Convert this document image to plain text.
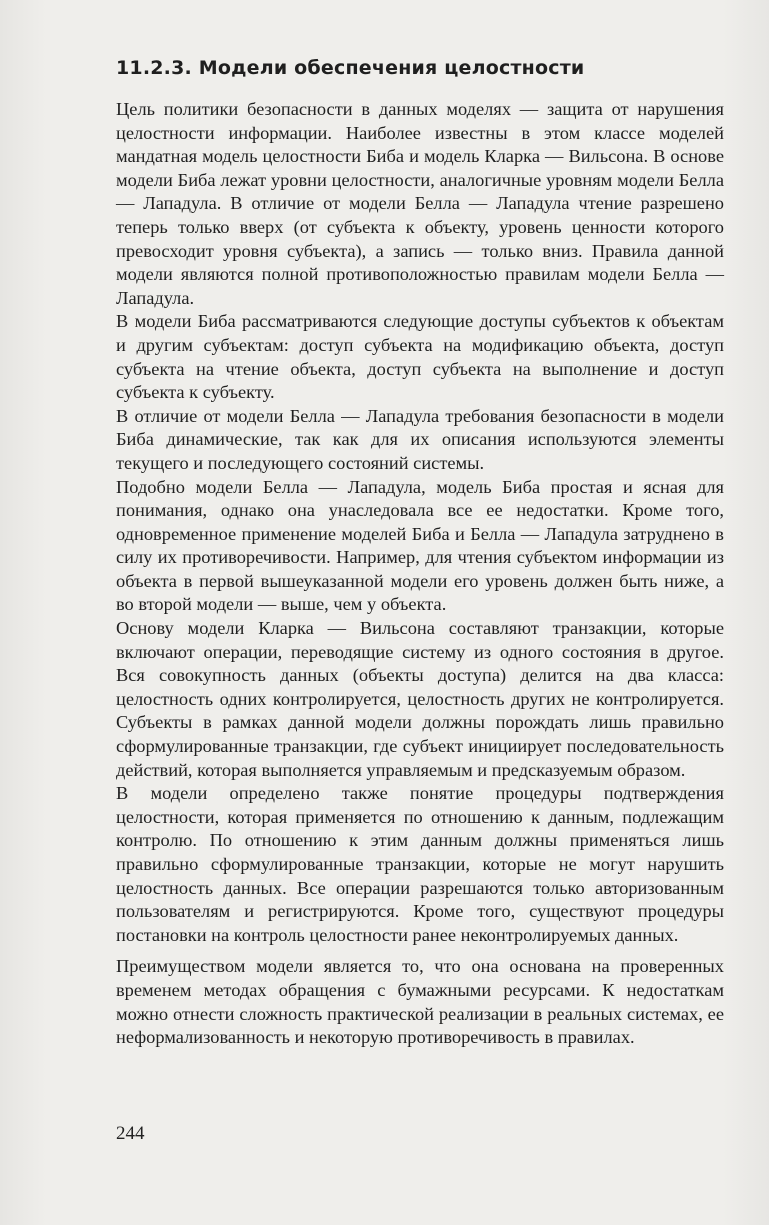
11.2.3. Модели обеспечения целостности

Цель политики безопасности в данных моделях — защита от нарушения целостности информации. Наиболее известны в этом классе моделей мандатная модель целостности Биба и модель Кларка — Вильсона. В основе модели Биба лежат уровни целостности, аналогичные уровням модели Белла — Лападула. В отличие от модели Белла — Лападула чтение разрешено теперь только вверх (от субъекта к объекту, уровень ценности которого превосходит уровня субъекта), а запись — только вниз. Правила данной модели являются полной противоположностью правилам модели Белла — Лападула.

В модели Биба рассматриваются следующие доступы субъектов к объектам и другим субъектам: доступ субъекта на модификацию объекта, доступ субъекта на чтение объекта, доступ субъекта на выполнение и доступ субъекта к субъекту.

В отличие от модели Белла — Лападула требования безопасности в модели Биба динамические, так как для их описания используются элементы текущего и последующего состояний системы.

Подобно модели Белла — Лападула, модель Биба простая и ясная для понимания, однако она унаследовала все ее недостатки. Кроме того, одновременное применение моделей Биба и Белла — Лападула затруднено в силу их противоречивости. Например, для чтения субъектом информации из объекта в первой вышеуказанной модели его уровень должен быть ниже, а во второй модели — выше, чем у объекта.

Основу модели Кларка — Вильсона составляют транзакции, которые включают операции, переводящие систему из одного состояния в другое. Вся совокупность данных (объекты доступа) делится на два класса: целостность одних контролируется, целостность других не контролируется. Субъекты в рамках данной модели должны порождать лишь правильно сформулированные транзакции, где субъект инициирует последовательность действий, которая выполняется управляемым и предсказуемым образом.

В модели определено также понятие процедуры подтверждения целостности, которая применяется по отношению к данным, подлежащим контролю. По отношению к этим данным должны применяться лишь правильно сформулированные транзакции, которые не могут нарушить целостность данных. Все операции разрешаются только авторизованным пользователям и регистрируются. Кроме того, существуют процедуры постановки на контроль целостности ранее неконтролируемых данных.

Преимуществом модели является то, что она основана на проверенных временем методах обращения с бумажными ресурсами. К недостаткам можно отнести сложность практической реализации в реальных системах, ее неформализованность и некоторую противоречивость в правилах.

244
